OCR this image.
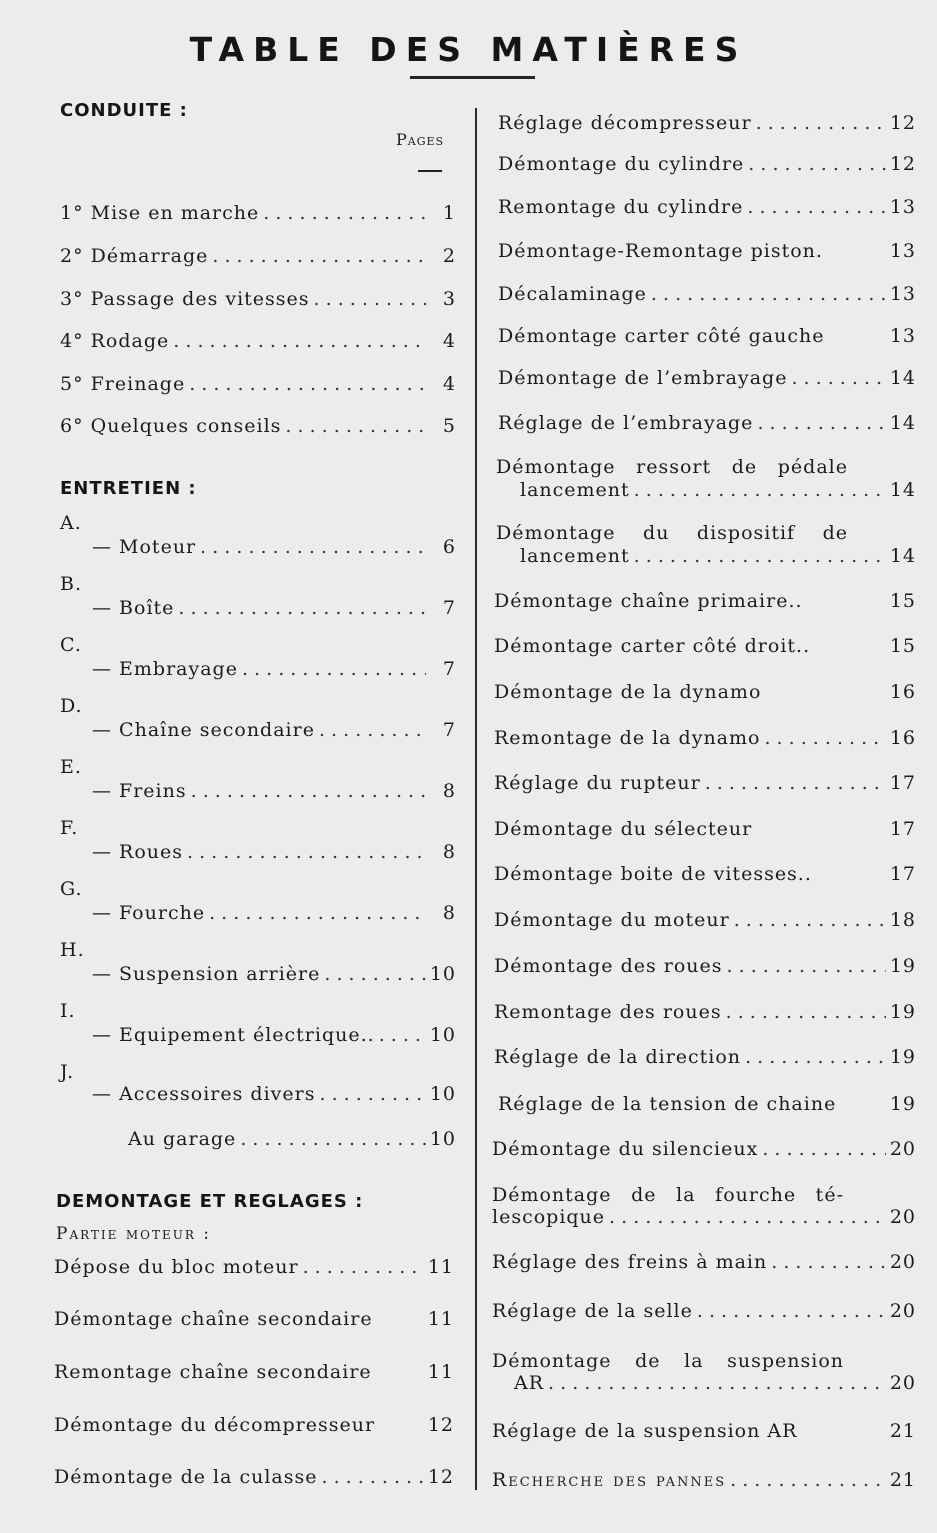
TABLE DES MATIÈRES
CONDUITE :
Pages
1° Mise en marche . . .	1
2° Démarrage . . .	2
3° Passage des vitesses . . .	3
4° Rodage . . .	4
5° Freinage . . .	4
6° Quelques conseils . . .	5
ENTRETIEN :
A.
— Moteur . . .	6
B.
— Boîte . . .	7
C.
— Embrayage . . .	7
D.
— Chaîne secondaire . . .	7
E.
— Freins . . .	8
F.
— Roues . . .	8
G.
— Fourche . . .	8
H.
— Suspension arrière . . .	10
I.
— Equipement électrique.. . . .	10
J.
— Accessoires divers . . .	10
Au garage . . .	10
DEMONTAGE ET REGLAGES :
Partie moteur :
Dépose du bloc moteur . . .	11
Démontage chaîne secondaire	11
Remontage chaîne secondaire	11
Démontage du décompresseur	12
Démontage de la culasse . . .	12
Réglage décompresseur . . .	12
Démontage du cylindre . . .	12
Remontage du cylindre . . .	13
Démontage-Remontage piston.	13
Décalaminage . . .	13
Démontage carter côté gauche	13
Démontage de l’embrayage . . .	14
Réglage de l’embrayage . . .	14
Démontage ressort de pédale
lancement . . .	14
Démontage du dispositif de
lancement . . .	14
Démontage chaîne primaire..	15
Démontage carter côté droit..	15
Démontage de la dynamo	16
Remontage de la dynamo . . .	16
Réglage du rupteur . . .	17
Démontage du sélecteur	17
Démontage boite de vitesses..	17
Démontage du moteur . . .	18
Démontage des roues . . .	19
Remontage des roues . . .	19
Réglage de la direction . . .	19
Réglage de la tension de chaine	19
Démontage du silencieux . . .	20
Démontage de la fourche té-
lescopique . . .	20
Réglage des freins à main . . .	20
Réglage de la selle . . .	20
Démontage de la suspension
AR . . .	20
Réglage de la suspension AR	21
Recherche des pannes . . .	21
